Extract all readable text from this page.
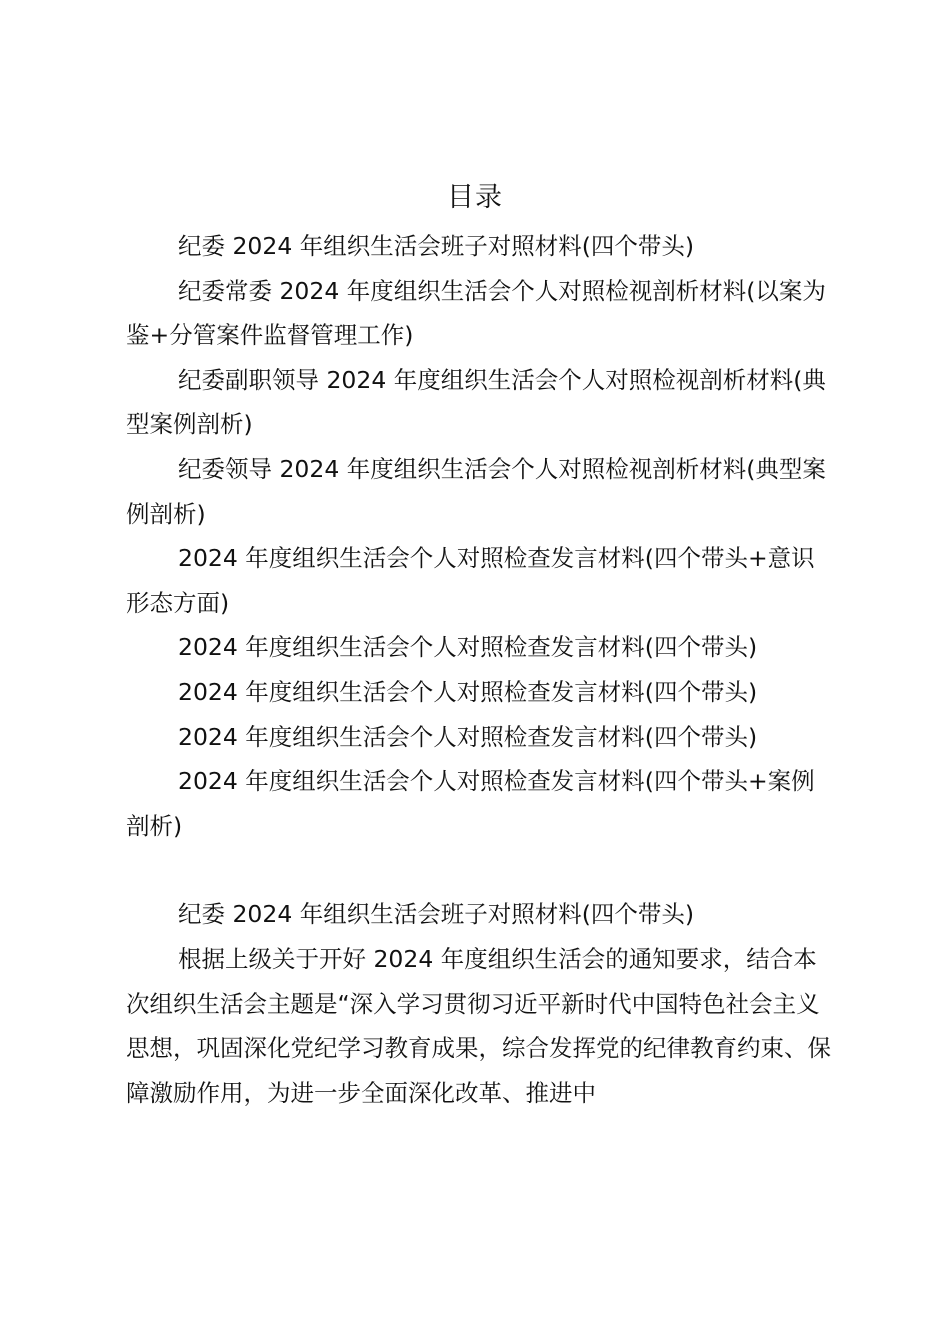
目录
纪委 2024 年组织生活会班子对照材料(四个带头)
纪委常委 2024 年度组织生活会个人对照检视剖析材料(以案为鉴+分管案件监督管理工作)
纪委副职领导 2024 年度组织生活会个人对照检视剖析材料(典型案例剖析)
纪委领导 2024 年度组织生活会个人对照检视剖析材料(典型案例剖析)
2024 年度组织生活会个人对照检查发言材料(四个带头+意识形态方面)
2024 年度组织生活会个人对照检查发言材料(四个带头)
2024 年度组织生活会个人对照检查发言材料(四个带头)
2024 年度组织生活会个人对照检查发言材料(四个带头)
2024 年度组织生活会个人对照检查发言材料(四个带头+案例剖析)
纪委 2024 年组织生活会班子对照材料(四个带头)

根据上级关于开好 2024 年度组织生活会的通知要求，结合本次组织生活会主题是“深入学习贯彻习近平新时代中国特色社会主义思想，巩固深化党纪学习教育成果，综合发挥党的纪律教育约束、保障激励作用，为进一步全面深化改革、推进中
